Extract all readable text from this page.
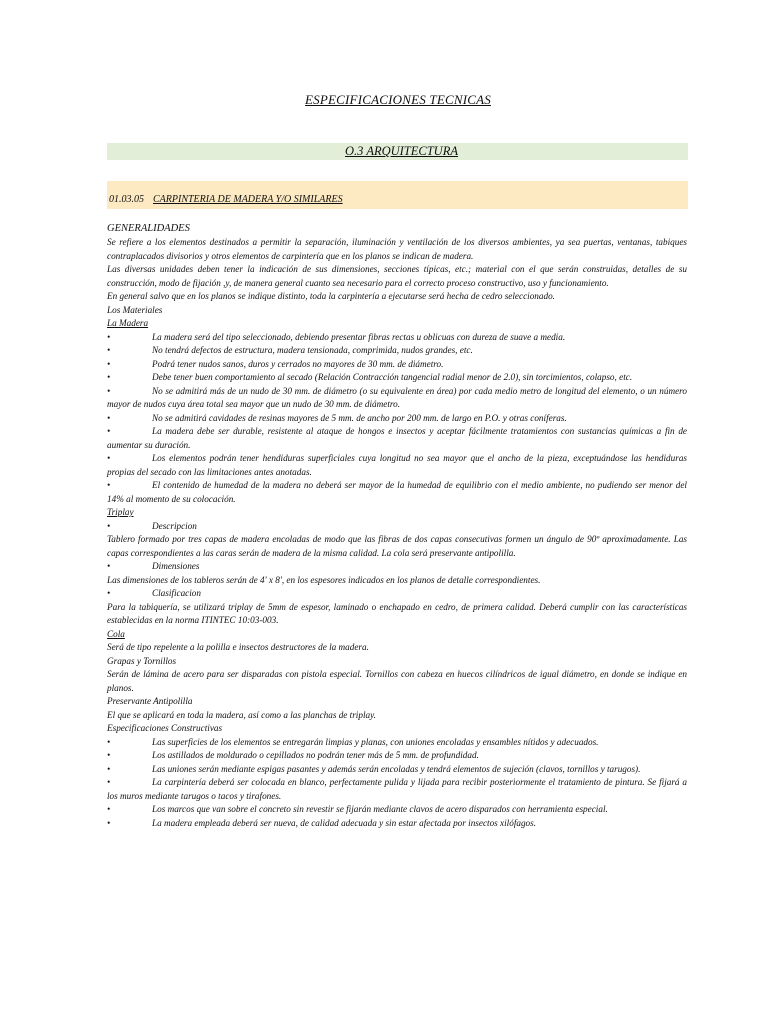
ESPECIFICACIONES TECNICAS
O.3 ARQUITECTURA
01.03.05 CARPINTERIA DE MADERA Y/O SIMILARES

GENERALIDADES

Se refiere a los elementos destinados a permitir la separación, iluminación y ventilación de los diversos ambientes, ya sea puertas, ventanas, tabiques contraplacados divisorios y otros elementos de carpintería que en los planos se indican de madera.

Las diversas unidades deben tener la indicación de sus dimensiones, secciones típicas, etc.; material con el que serán construidas, detalles de su construcción, modo de fijación ,y, de manera general cuanto sea necesario para el correcto proceso constructivo, uso y funcionamiento.

En general salvo que en los planos se indique distinto, toda la carpintería a ejecutarse será hecha de cedro seleccionado.

Los Materiales

La Madera

•	La madera será del tipo seleccionado, debiendo presentar fibras rectas u oblicuas con dureza de suave a media.

•	No tendrá defectos de estructura, madera tensionada, comprimida, nudos grandes, etc.

•	Podrá tener nudos sanos, duros y cerrados no mayores de 30 mm. de diámetro.

•	Debe tener buen comportamiento al secado (Relación Contracción tangencial radial menor de 2.0), sin torcimientos, colapso, etc.

•	No se admitirá más de un nudo de 30 mm. de diámetro (o su equivalente en área) por cada medio metro de longitud del elemento, o un número mayor de nudos cuya área total sea mayor que un nudo de 30 mm. de diámetro.

•	No se admitirá cavidades de resinas mayores de 5 mm. de ancho por 200 mm. de largo en P.O. y otras coníferas.

•	La madera debe ser durable, resistente al ataque de hongos e insectos y aceptar fácilmente tratamientos con sustancias químicas a fin de aumentar su duración.

•	Los elementos podrán tener hendiduras superficiales cuya longitud no sea mayor que el ancho de la pieza, exceptuándose las hendiduras propias del secado con las limitaciones antes anotadas.

•	El contenido de humedad de la madera no deberá ser mayor de la humedad de equilibrio con el medio ambiente, no pudiendo ser menor del 14% al momento de su colocación.

Triplay

•	Descripcion

Tablero formado por tres capas de madera encoladas de modo que las fibras de dos capas consecutivas formen un ángulo de 90º aproximadamente. Las capas correspondientes a las caras serán de madera de la misma calidad. La cola será preservante antipolilla.

•	Dimensiones

Las dimensiones de los tableros serán de 4' x 8', en los espesores indicados en los planos de detalle correspondientes.

•	Clasificacion

Para la tabiquería, se utilizará triplay de 5mm de espesor, laminado o enchapado en cedro, de primera calidad. Deberá cumplir con las características establecidas en la norma ITINTEC 10:03-003.

Cola

Será de tipo repelente a la polilla e insectos destructores de la madera.

Grapas y Tornillos

Serán de lámina de acero para ser disparadas con pistola especial. Tornillos con cabeza en huecos cilíndricos de igual diámetro, en donde se indique en planos.

Preservante Antipolilla

El que se aplicará en toda la madera, así como a las planchas de triplay.

Especificaciones Constructivas

•	Las superficies de los elementos se entregarán limpias y planas, con uniones encoladas y ensambles nítidos y adecuados.

•	Los astillados de moldurado o cepillados no podrán tener más de 5 mm. de profundidad.

•	Las uniones serán mediante espigas pasantes y además serán encoladas y tendrá elementos de sujeción (clavos, tornillos y tarugos).

•	La carpintería deberá ser colocada en blanco, perfectamente pulida y lijada para recibir posteriormente el tratamiento de pintura. Se fijará a los muros mediante tarugos o tacos y tirafones.

•	Los marcos que van sobre el concreto sin revestir se fijarán mediante clavos de acero disparados con herramienta especial.

•	La madera empleada deberá ser nueva, de calidad adecuada y sin estar afectada por insectos xilófagos.
